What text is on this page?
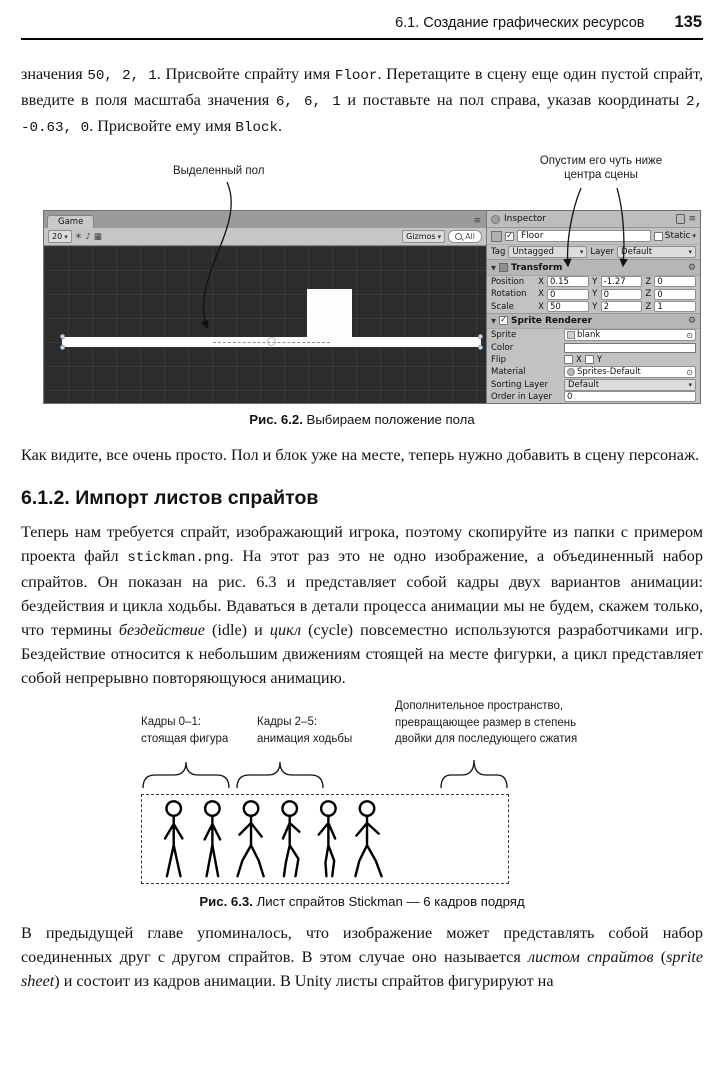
6.1. Создание графических ресурсов 135

значения 50, 2, 1. Присвойте спрайту имя Floor. Перетащите в сцену еще один пустой спрайт, введите в поля масштаба значения 6, 6, 1 и поставьте на пол справа, указав координаты 2, -0.63, 0. Присвойте ему имя Block.

Выделенный пол
Опустим его чуть ниже
центра сцены
Game	≡
20 ▾ ☀ ♪ ▦	Gizmos ▾	All
Inspector	≡
✓ Floor	Static ▾
Tag Untagged	▾ Layer Default	▾
▼ Transform	⚙
Position	X 0.15	Y -1.27	Z 0
Rotation	X 0	Y 0	Z 0
Scale	X 50	Y 2	Z 1
▼ ✓ Sprite Renderer	⚙
Sprite	blank	⊙
Color
Flip	X Y
Material	Sprites-Default	⊙
Sorting Layer	Default	▾
Order in Layer	0
Рис. 6.2. Выбираем положение пола

Как видите, все очень просто. Пол и блок уже на месте, теперь нужно добавить в сцену персонаж.

6.1.2. Импорт листов спрайтов

Теперь нам требуется спрайт, изображающий игрока, поэтому скопируйте из папки с примером проекта файл stickman.png. На этот раз это не одно изображение, а объединенный набор спрайтов. Он показан на рис. 6.3 и представляет собой кадры двух вариантов анимации: бездействия и цикла ходьбы. Вдаваться в детали процесса анимации мы не будем, скажем только, что термины бездействие (idle) и цикл (cycle) повсеместно используются разработчиками игр. Бездействие относится к небольшим движениям стоящей на месте фигурки, а цикл представляет собой непрерывно повторяющуюся анимацию.

Кадры 0–1:
стоящая фигура
Кадры 2–5:
анимация ходьбы
Дополнительное пространство,
превращающее размер в степень
двойки для последующего сжатия
Рис. 6.3. Лист спрайтов Stickman — 6 кадров подряд

В предыдущей главе упоминалось, что изображение может представлять собой набор соединенных друг с другом спрайтов. В этом случае оно называется листом спрайтов (sprite sheet) и состоит из кадров анимации. В Unity листы спрайтов фигурируют на
